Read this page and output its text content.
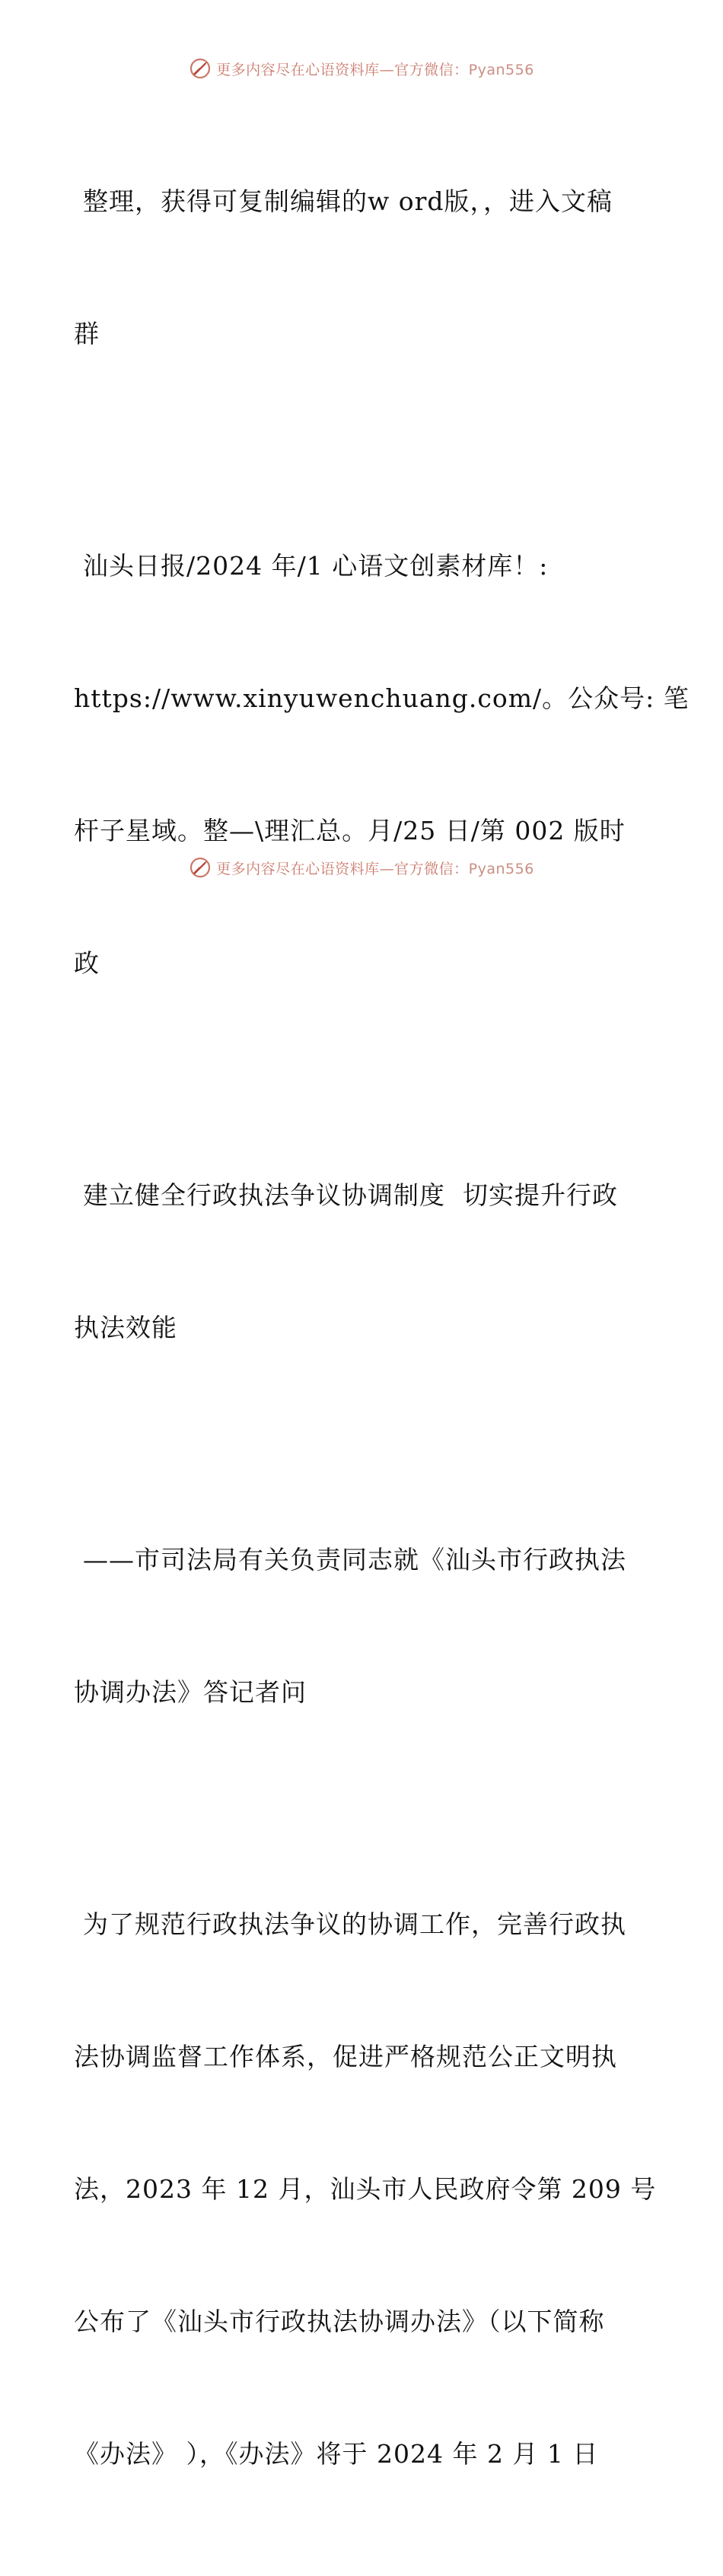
更多内容尽在心语资料库—官方微信：Pyan556

整理，获得可复制编辑的w ord版，，进入文稿

群

汕头日报/2024 年/1 心语文创素材库！:

https://www.xinyuwenchuang.com/。公众号: 笔

杆子星域。整—\理汇总。月/25 日/第 002 版时

政

建立健全行政执法争议协调制度  切实提升行政

执法效能

——市司法局有关负责同志就《汕头市行政执法

协调办法》答记者问

为了规范行政执法争议的协调工作，完善行政执

法协调监督工作体系，促进严格规范公正文明执

法，2023 年 12 月，汕头市人民政府令第 209 号

公布了《汕头市行政执法协调办法》（以下简称

《办法》 ），《办法》将于 2024 年 2 月 1 日

更多内容尽在心语资料库—官方微信：Pyan556
